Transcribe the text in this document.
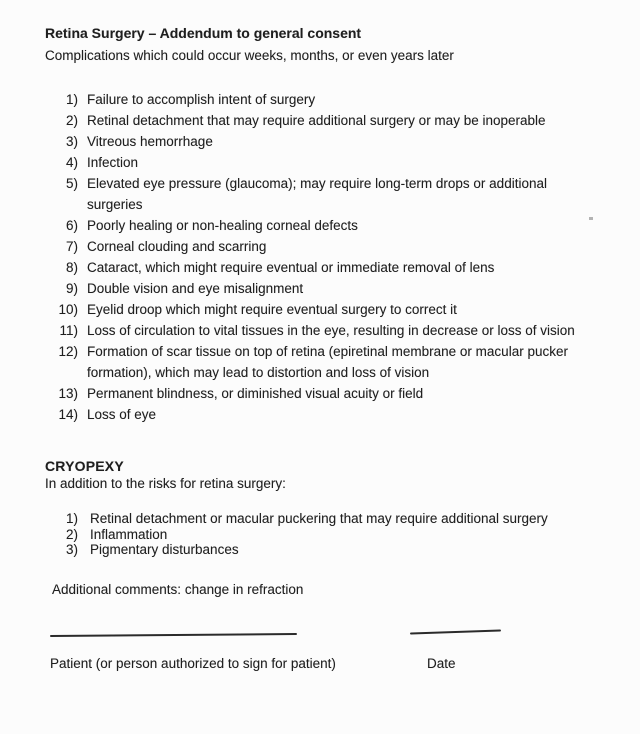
Retina Surgery – Addendum to general consent
Complications which could occur weeks, months, or even years later
1) Failure to accomplish intent of surgery
2) Retinal detachment that may require additional surgery or may be inoperable
3) Vitreous hemorrhage
4) Infection
5) Elevated eye pressure (glaucoma); may require long-term drops or additional surgeries
6) Poorly healing or non-healing corneal defects
7) Corneal clouding and scarring
8) Cataract, which might require eventual or immediate removal of lens
9) Double vision and eye misalignment
10) Eyelid droop which might require eventual surgery to correct it
11) Loss of circulation to vital tissues in the eye, resulting in decrease or loss of vision
12) Formation of scar tissue on top of retina (epiretinal membrane or macular pucker formation), which may lead to distortion and loss of vision
13) Permanent blindness, or diminished visual acuity or field
14) Loss of eye
CRYOPEXY
In addition to the risks for retina surgery:
1) Retinal detachment or macular puckering that may require additional surgery
2) Inflammation
3) Pigmentary disturbances
Additional comments: change in refraction
Patient (or person authorized to sign for patient)	Date
